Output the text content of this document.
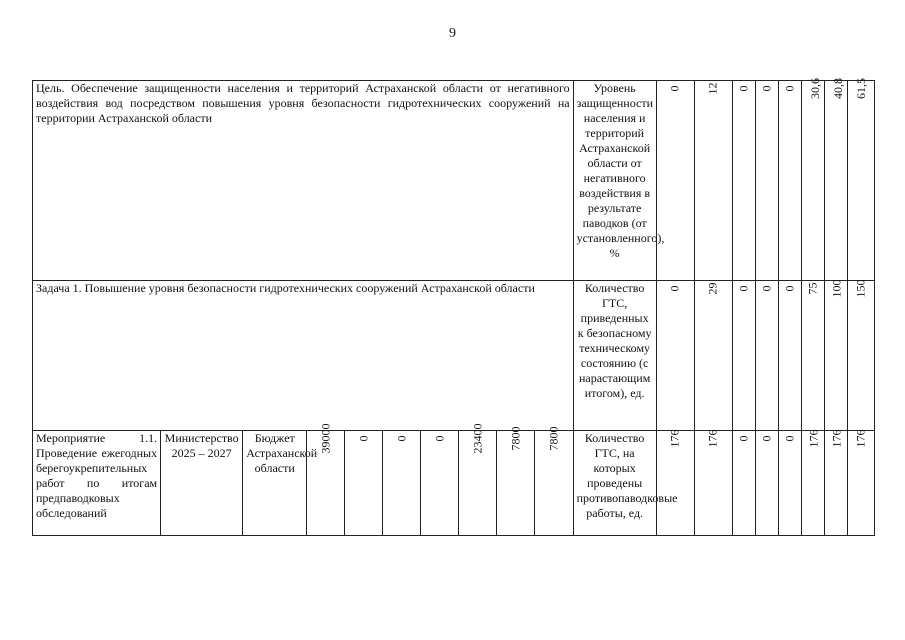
9
Цель. Обеспечение защищенности населения и территорий Астраханской области от негативного воздействия вод посредством повышения уровня безопасности гидротехнических сооружений на территории Астраханской области										Уровень защищенности населения и территорий Астраханской области от негативного воздействия в результате паводков (от установленного), %	0	12	0	0	0	30,6	40,8	61,5
Задача 1. Повышение уровня безопасности гидротехнических сооружений Астраханской области										Количество ГТС, приведенных к безопасному техническому состоянию (с нарастающим итогом), ед.	0	29	0	0	0	75	100	150
Мероприятие 1.1. Проведение ежегодных берегоукрепительных работ по итогам предпаводковых обследований	Министерство 2025 – 2027	Бюджет Астраханской области	39000	0	0	0	23400	7800	7800	Количество ГТС, на которых проведены противопаводковые работы, ед.	176	176	0	0	0	176	176	176
